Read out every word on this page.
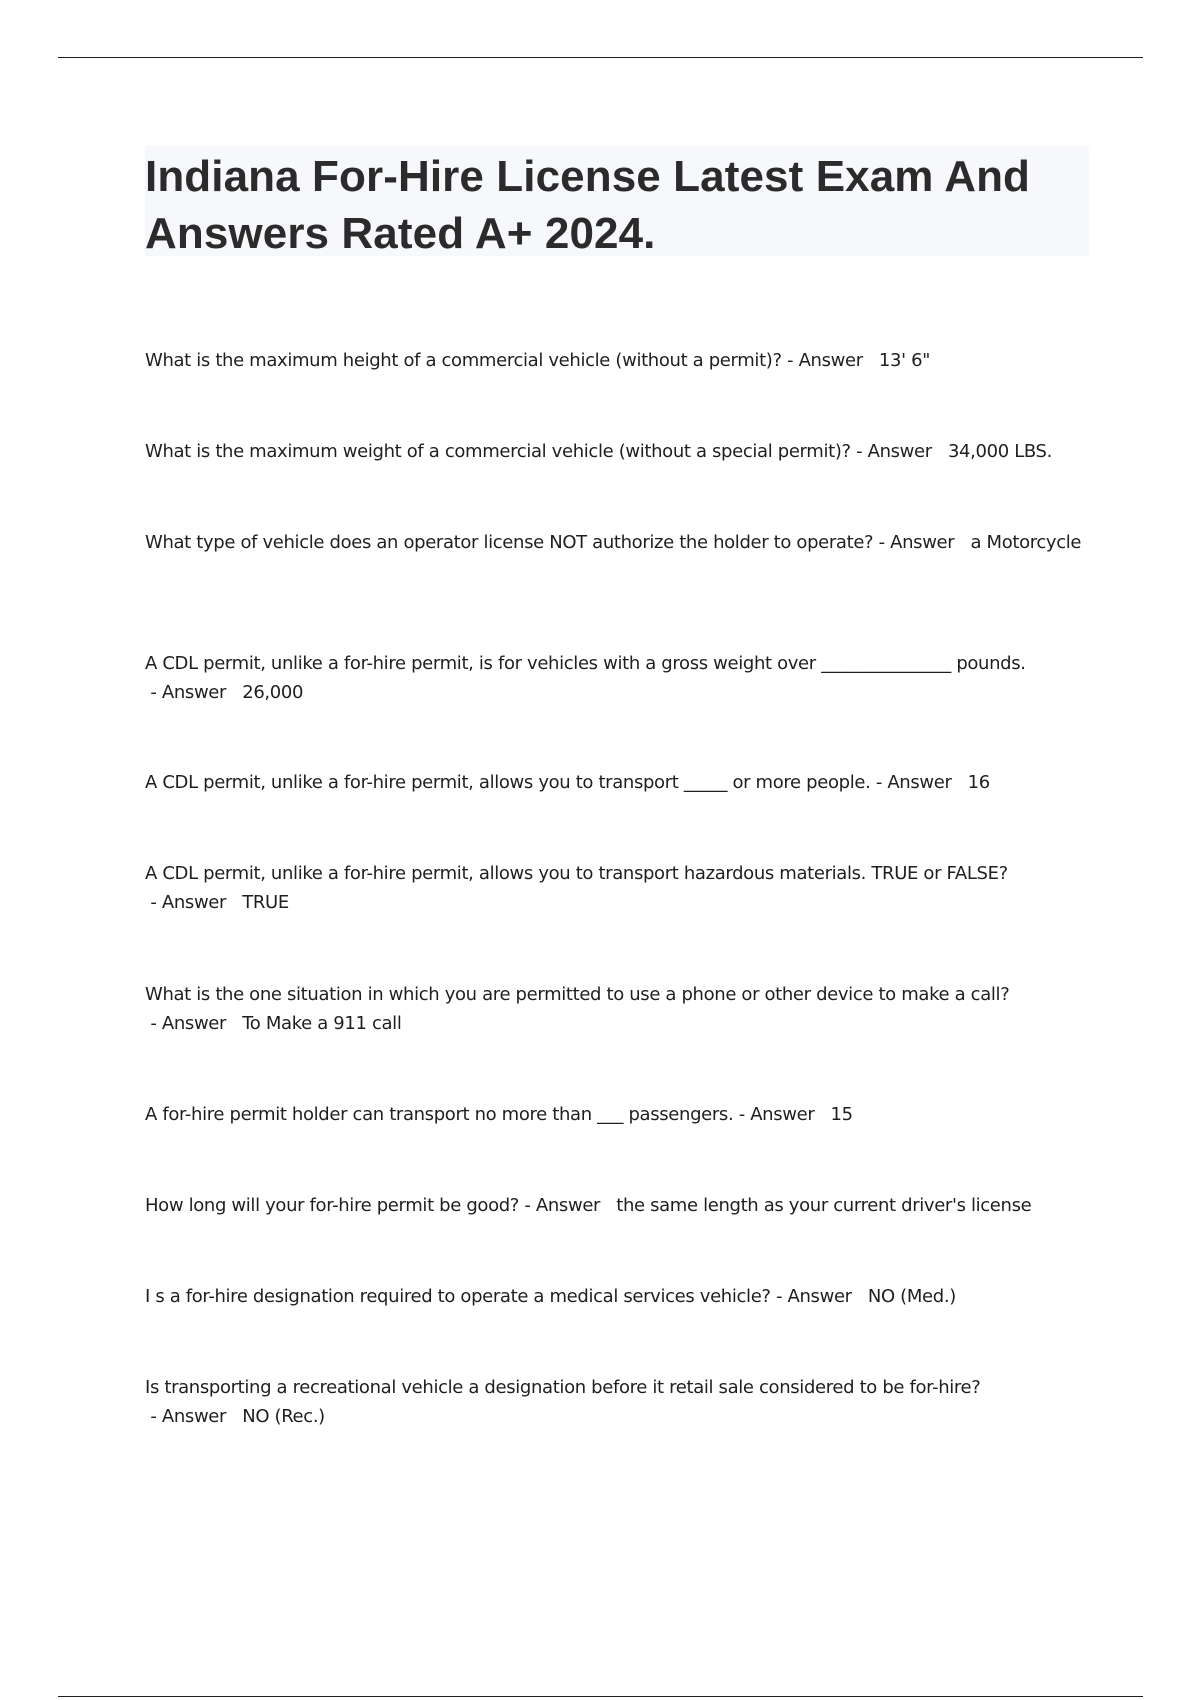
Indiana For-Hire License Latest Exam And Answers Rated A+ 2024.

What is the maximum height of a commercial vehicle (without a permit)? - Answer 13' 6"

What is the maximum weight of a commercial vehicle (without a special permit)? - Answer 34,000 LBS.

What type of vehicle does an operator license NOT authorize the holder to operate? - Answer a Motorcycle

A CDL permit, unlike a for-hire permit, is for vehicles with a gross weight over _______________ pounds. - Answer 26,000

A CDL permit, unlike a for-hire permit, allows you to transport _____ or more people. - Answer 16

A CDL permit, unlike a for-hire permit, allows you to transport hazardous materials. TRUE or FALSE? - Answer TRUE

What is the one situation in which you are permitted to use a phone or other device to make a call? - Answer To Make a 911 call

A for-hire permit holder can transport no more than ___ passengers. - Answer 15

How long will your for-hire permit be good? - Answer the same length as your current driver's license

I s a for-hire designation required to operate a medical services vehicle? - Answer NO (Med.)

Is transporting a recreational vehicle a designation before it retail sale considered to be for-hire? - Answer NO (Rec.)
